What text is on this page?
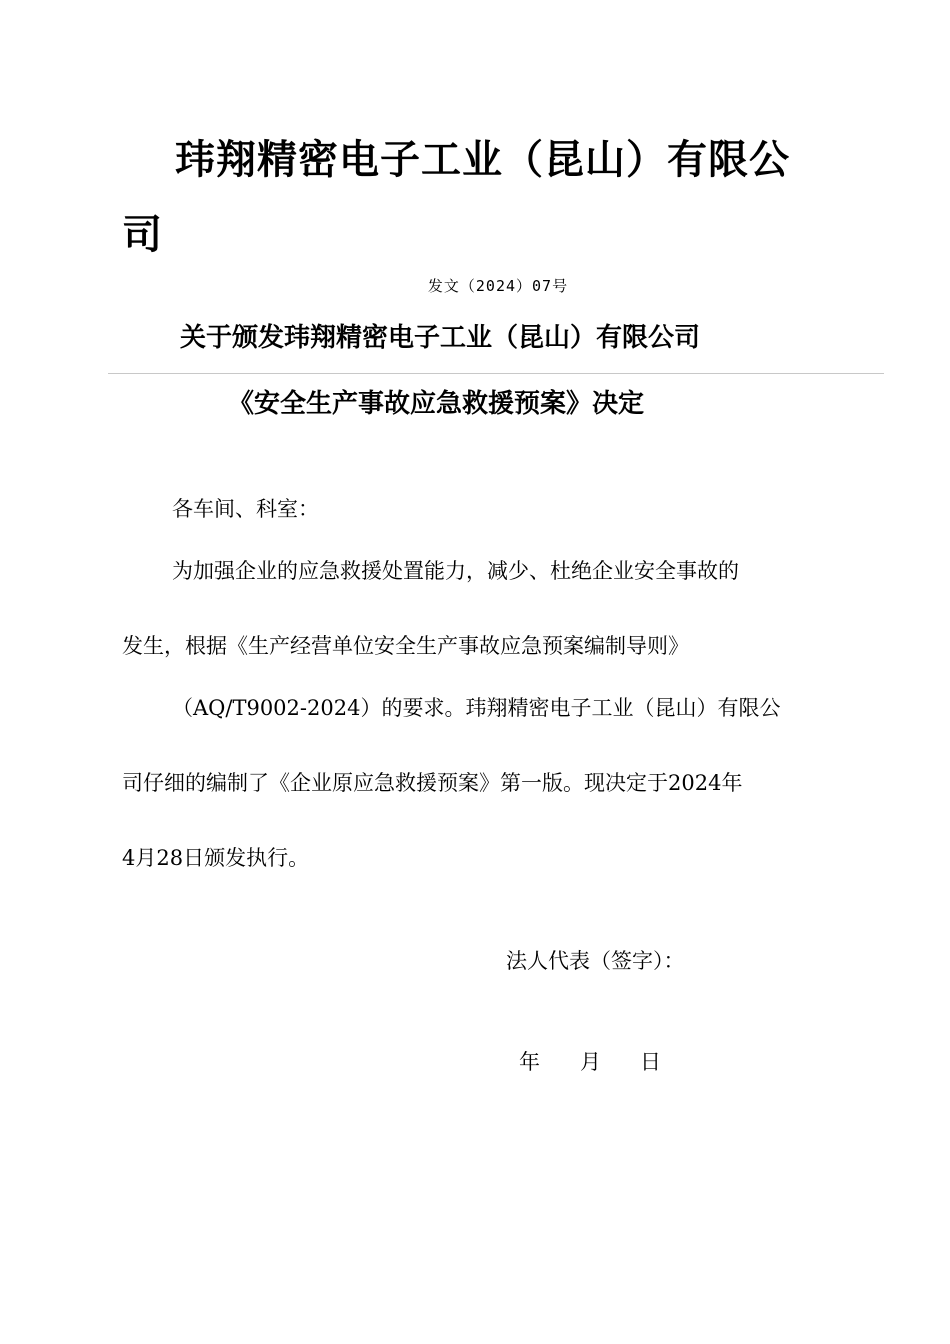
玮翔精密电子工业（昆山）有限公
司
发文（2024）07号
关于颁发玮翔精密电子工业（昆山）有限公司
《安全生产事故应急救援预案》决定
各车间、科室：
为加强企业的应急救援处置能力，减少、杜绝企业安全事故的
发生，根据《生产经营单位安全生产事故应急预案编制导则》
（AQ/T9002-2024）的要求。玮翔精密电子工业（昆山）有限公
司仔细的编制了《企业原应急救援预案》第一版。现决定于2024年
4月28日颁发执行。
法人代表（签字）：
年 月 日
